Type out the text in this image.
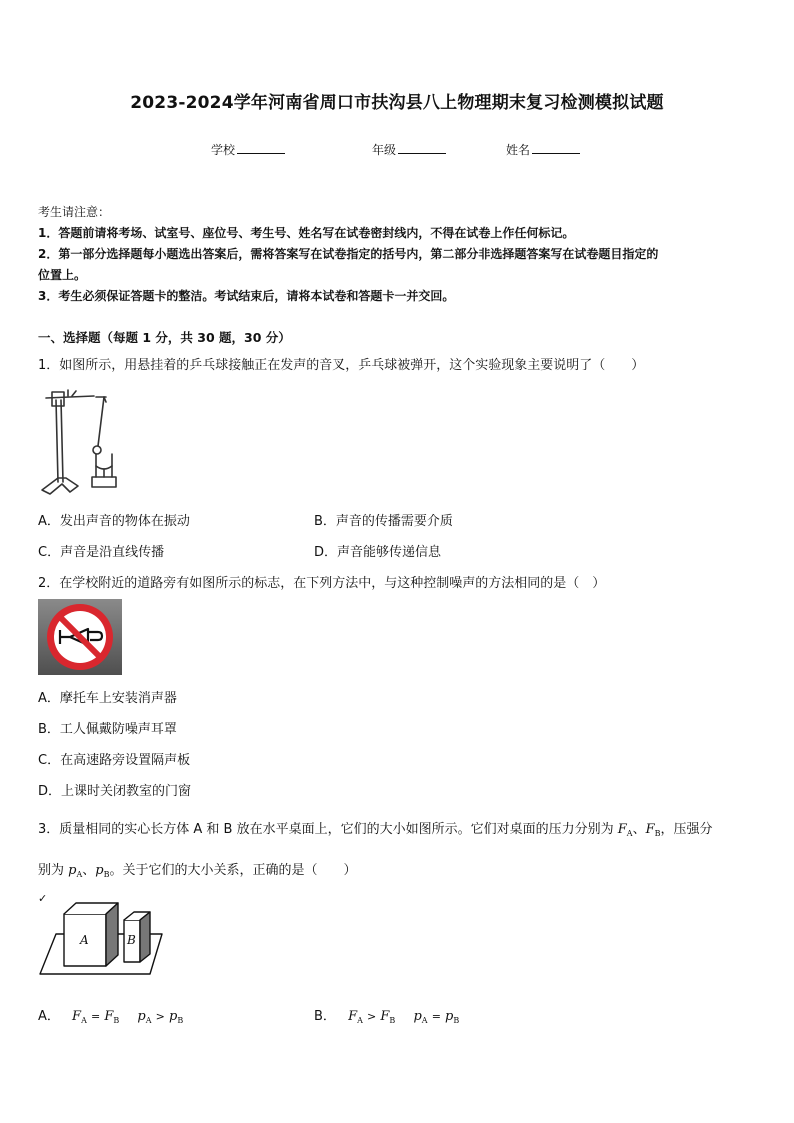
2023-2024学年河南省周口市扶沟县八上物理期末复习检测模拟试题
学校	年级	姓名
考生请注意：
1．答题前请将考场、试室号、座位号、考生号、姓名写在试卷密封线内，不得在试卷上作任何标记。
2．第一部分选择题每小题选出答案后，需将答案写在试卷指定的括号内，第二部分非选择题答案写在试卷题目指定的
位置上。
3．考生必须保证答题卡的整洁。考试结束后，请将本试卷和答题卡一并交回。
一、选择题（每题 1 分，共 30 题，30 分）
1．如图所示，用悬挂着的乒乓球接触正在发声的音叉，乒乓球被弹开，这个实验现象主要说明了（　　）
A．发出声音的物体在振动	B．声音的传播需要介质
C．声音是沿直线传播	D．声音能够传递信息
2．在学校附近的道路旁有如图所示的标志，在下列方法中，与这种控制噪声的方法相同的是（　）
A．摩托车上安装消声器
B．工人佩戴防噪声耳罩
C．在高速路旁设置隔声板
D．上课时关闭教室的门窗
3．质量相同的实心长方体 A 和 B 放在水平桌面上，它们的大小如图所示。它们对桌面的压力分别为 $F_A$、$F_B$，压强分
别为 $p_A$、$p_B$。关于它们的大小关系，正确的是（　　）
✓
A	B
A． $F_A = F_B$ $p_A > p_B$	B． $F_A > F_B$ $p_A = p_B$
